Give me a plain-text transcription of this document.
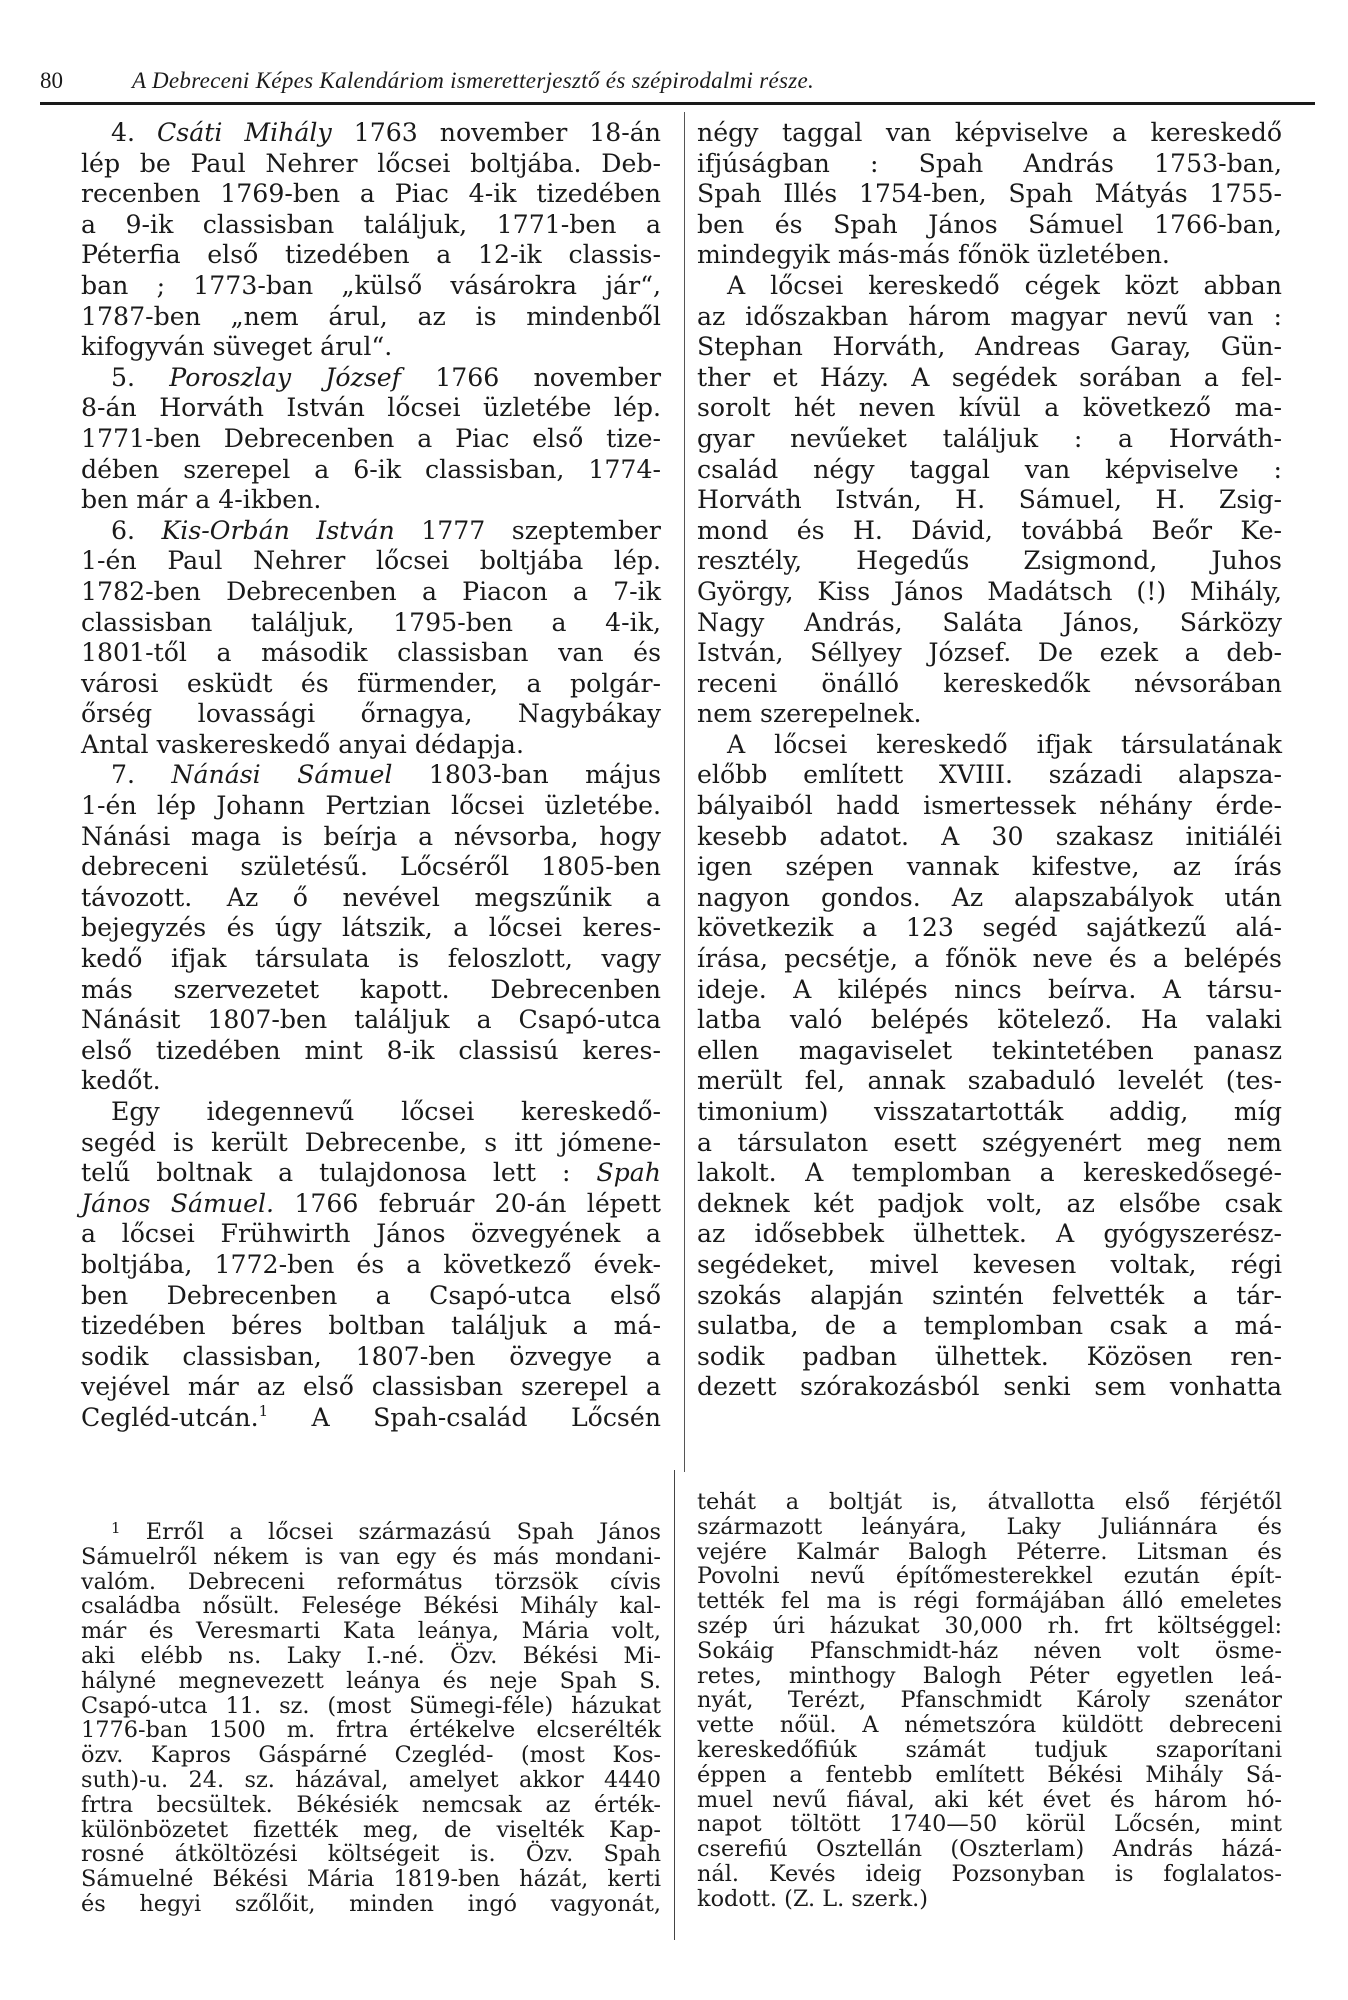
80	A Debreceni Képes Kalendáriom ismeretterjesztő és szépirodalmi része.
4. Csáti Mihály 1763 november 18-án
lép be Paul Nehrer lőcsei boltjába. Deb-
recenben 1769-ben a Piac 4-ik tizedében
a 9-ik classisban találjuk, 1771-ben a
Péterfia első tizedében a 12-ik classis-
ban ; 1773-ban „külső vásárokra jár“,
1787-ben „nem árul, az is mindenből
kifogyván süveget árul“.
5. Poroszlay József 1766 november
8-án Horváth István lőcsei üzletébe lép.
1771-ben Debrecenben a Piac első tize-
dében szerepel a 6-ik classisban, 1774-
ben már a 4-ikben.
6. Kis-Orbán István 1777 szeptember
1-én Paul Nehrer lőcsei boltjába lép.
1782-ben Debrecenben a Piacon a 7-ik
classisban találjuk, 1795-ben a 4-ik,
1801-től a második classisban van és
városi esküdt és fürmender, a polgár-
őrség lovassági őrnagya, Nagybákay
Antal vaskereskedő anyai dédapja.
7. Nánási Sámuel 1803-ban május
1-én lép Johann Pertzian lőcsei üzletébe.
Nánási maga is beírja a névsorba, hogy
debreceni születésű. Lőcséről 1805-ben
távozott. Az ő nevével megszűnik a
bejegyzés és úgy látszik, a lőcsei keres-
kedő ifjak társulata is feloszlott, vagy
más szervezetet kapott. Debrecenben
Nánásit 1807-ben találjuk a Csapó-utca
első tizedében mint 8-ik classisú keres-
kedőt.
Egy idegennevű lőcsei kereskedő-
segéd is került Debrecenbe, s itt jómene-
telű boltnak a tulajdonosa lett : Spah
János Sámuel. 1766 február 20-án lépett
a lőcsei Frühwirth János özvegyének a
boltjába, 1772-ben és a következő évek-
ben Debrecenben a Csapó-utca első
tizedében béres boltban találjuk a má-
sodik classisban, 1807-ben özvegye a
vejével már az első classisban szerepel a
Cegléd-utcán.$^1$ A Spah-család Lőcsén
négy taggal van képviselve a kereskedő
ifjúságban : Spah András 1753-ban,
Spah Illés 1754-ben, Spah Mátyás 1755-
ben és Spah János Sámuel 1766-ban,
mindegyik más-más főnök üzletében.
A lőcsei kereskedő cégek közt abban
az időszakban három magyar nevű van :
Stephan Horváth, Andreas Garay, Gün-
ther et Házy. A segédek sorában a fel-
sorolt hét neven kívül a következő ma-
gyar nevűeket találjuk : a Horváth-
család négy taggal van képviselve :
Horváth István, H. Sámuel, H. Zsig-
mond és H. Dávid, továbbá Beőr Ke-
resztély, Hegedűs Zsigmond, Juhos
György, Kiss János Madátsch (!) Mihály,
Nagy András, Saláta János, Sárközy
István, Séllyey József. De ezek a deb-
receni önálló kereskedők névsorában
nem szerepelnek.
A lőcsei kereskedő ifjak társulatának
előbb említett XVIII. századi alapsza-
bályaiból hadd ismertessek néhány érde-
kesebb adatot. A 30 szakasz initiáléi
igen szépen vannak kifestve, az írás
nagyon gondos. Az alapszabályok után
következik a 123 segéd sajátkezű alá-
írása, pecsétje, a főnök neve és a belépés
ideje. A kilépés nincs beírva. A társu-
latba való belépés kötelező. Ha valaki
ellen magaviselet tekintetében panasz
merült fel, annak szabaduló levelét (tes-
timonium) visszatartották addig, míg
a társulaton esett szégyenért meg nem
lakolt. A templomban a kereskedősegé-
deknek két padjok volt, az elsőbe csak
az idősebbek ülhettek. A gyógyszerész-
segédeket, mivel kevesen voltak, régi
szokás alapján szintén felvették a tár-
sulatba, de a templomban csak a má-
sodik padban ülhettek. Közösen ren-
dezett szórakozásból senki sem vonhatta
$^1$ Erről a lőcsei származású Spah János
Sámuelről nékem is van egy és más mondani-
valóm. Debreceni református törzsök cívis
családba nősült. Felesége Békési Mihály kal-
már és Veresmarti Kata leánya, Mária volt,
aki elébb ns. Laky I.-né. Özv. Békési Mi-
hályné megnevezett leánya és neje Spah S.
Csapó-utca 11. sz. (most Sümegi-féle) házukat
1776-ban 1500 m. frtra értékelve elcserélték
özv. Kapros Gáspárné Czegléd- (most Kos-
suth)-u. 24. sz. házával, amelyet akkor 4440
frtra becsültek. Békésiék nemcsak az érték-
különbözetet fizették meg, de viselték Kap-
rosné átköltözési költségeit is. Özv. Spah
Sámuelné Békési Mária 1819-ben házát, kerti
és hegyi szőlőit, minden ingó vagyonát,
tehát a boltját is, átvallotta első férjétől
származott leányára, Laky Juliánnára és
vejére Kalmár Balogh Péterre. Litsman és
Povolni nevű építőmesterekkel ezután épít-
tették fel ma is régi formájában álló emeletes
szép úri házukat 30,000 rh. frt költséggel:
Sokáig Pfanschmidt-ház néven volt ösme-
retes, minthogy Balogh Péter egyetlen leá-
nyát, Terézt, Pfanschmidt Károly szenátor
vette nőül. A németszóra küldött debreceni
kereskedőfiúk számát tudjuk szaporítani
éppen a fentebb említett Békési Mihály Sá-
muel nevű fiával, aki két évet és három hó-
napot töltött 1740—50 körül Lőcsén, mint
cserefiú Osztellán (Oszterlam) András házá-
nál. Kevés ideig Pozsonyban is foglalatos-
kodott. (Z. L. szerk.)
